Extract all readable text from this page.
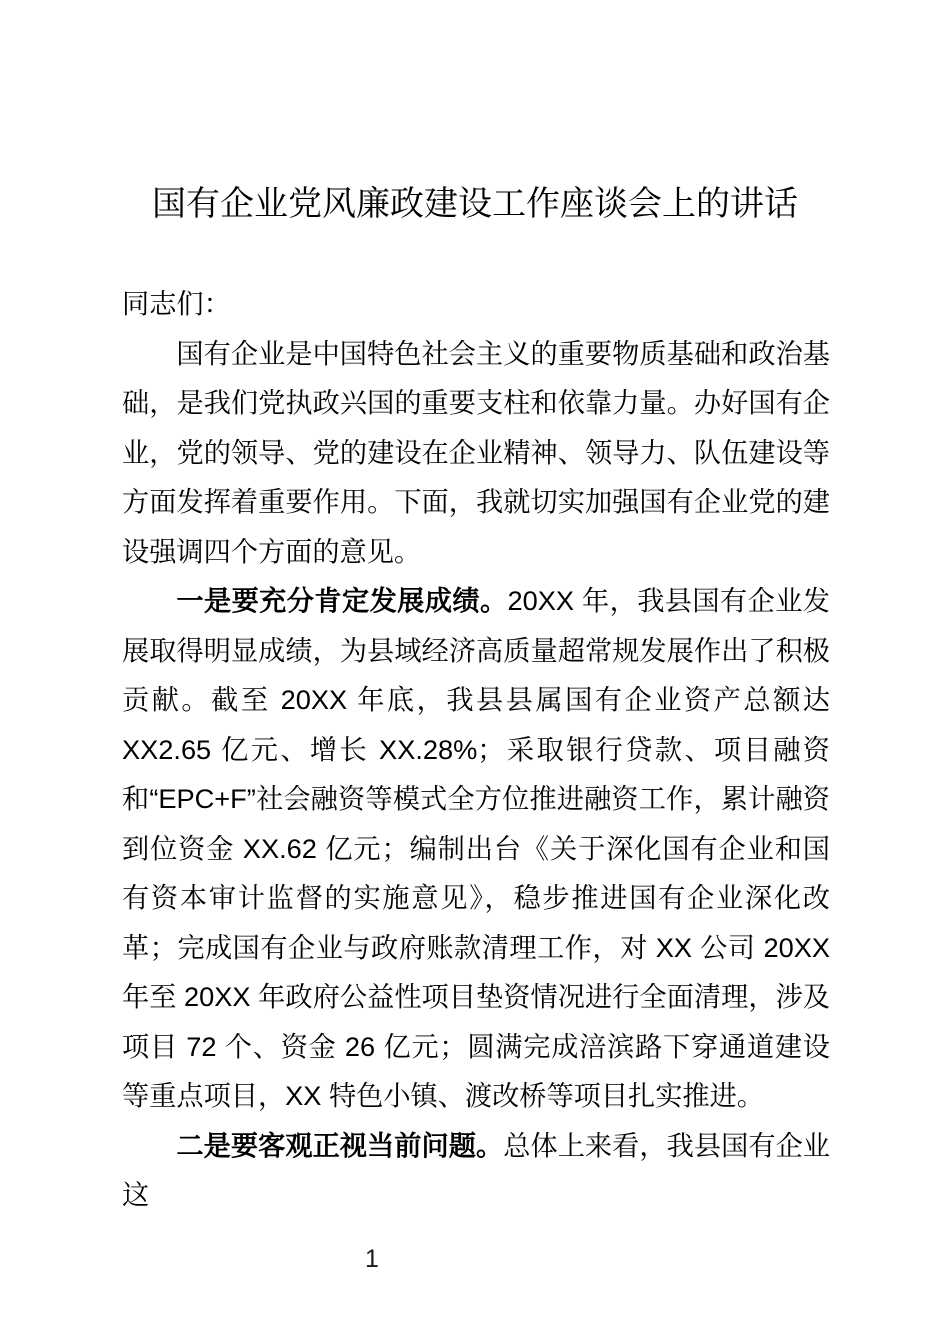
国有企业党风廉政建设工作座谈会上的讲话

同志们：

国有企业是中国特色社会主义的重要物质基础和政治基础，是我们党执政兴国的重要支柱和依靠力量。办好国有企业，党的领导、党的建设在企业精神、领导力、队伍建设等方面发挥着重要作用。下面，我就切实加强国有企业党的建设强调四个方面的意见。

一是要充分肯定发展成绩。20XX 年，我县国有企业发展取得明显成绩，为县域经济高质量超常规发展作出了积极贡献。截至 20XX 年底，我县县属国有企业资产总额达 XX2.65 亿元、增长 XX.28%；采取银行贷款、项目融资和“EPC+F”社会融资等模式全方位推进融资工作，累计融资到位资金 XX.62 亿元；编制出台《关于深化国有企业和国有资本审计监督的实施意见》，稳步推进国有企业深化改革；完成国有企业与政府账款清理工作，对 XX 公司 20XX 年至 20XX 年政府公益性项目垫资情况进行全面清理，涉及项目 72 个、资金 26 亿元；圆满完成涪滨路下穿通道建设等重点项目，XX 特色小镇、渡改桥等项目扎实推进。

二是要客观正视当前问题。总体上来看，我县国有企业这

1
